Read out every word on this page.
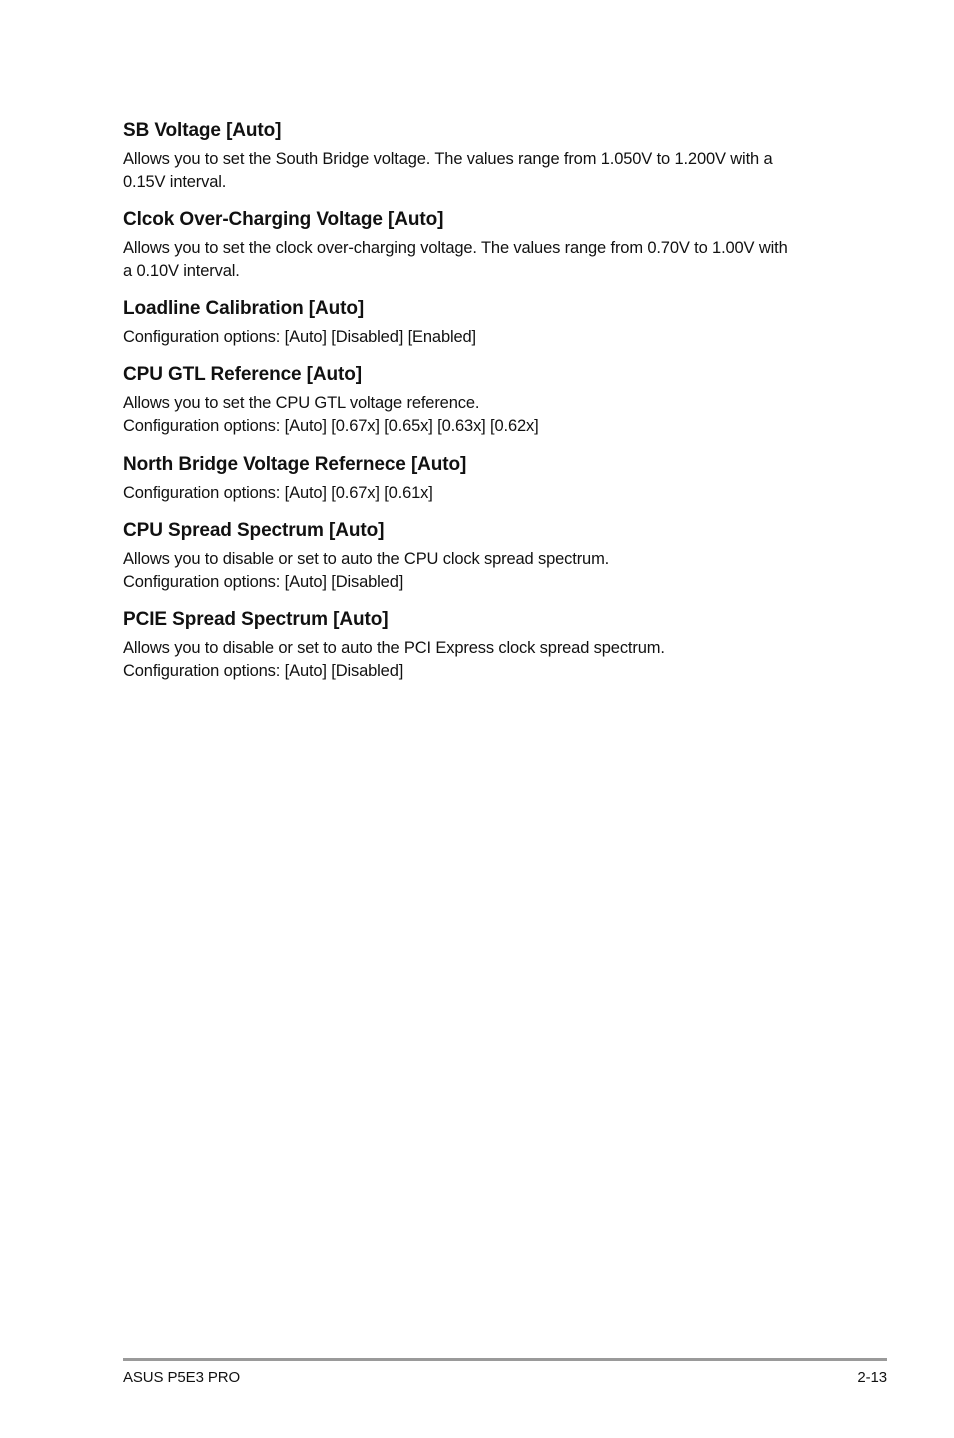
SB Voltage [Auto]

Allows you to set the South Bridge voltage. The values range from 1.050V to 1.200V with a
0.15V interval.

Clcok Over-Charging Voltage [Auto]

Allows you to set the clock over-charging voltage. The values range from 0.70V to 1.00V with
a 0.10V interval.

Loadline Calibration [Auto]

Configuration options: [Auto] [Disabled] [Enabled]

CPU GTL Reference [Auto]

Allows you to set the CPU GTL voltage reference.
Configuration options: [Auto] [0.67x] [0.65x] [0.63x] [0.62x]

North Bridge Voltage Refernece [Auto]

Configuration options: [Auto] [0.67x] [0.61x]

CPU Spread Spectrum [Auto]

Allows you to disable or set to auto the CPU clock spread spectrum.
Configuration options: [Auto] [Disabled]

PCIE Spread Spectrum [Auto]

Allows you to disable or set to auto the PCI Express clock spread spectrum.
Configuration options: [Auto] [Disabled]

ASUS P5E3 PRO	2-13
